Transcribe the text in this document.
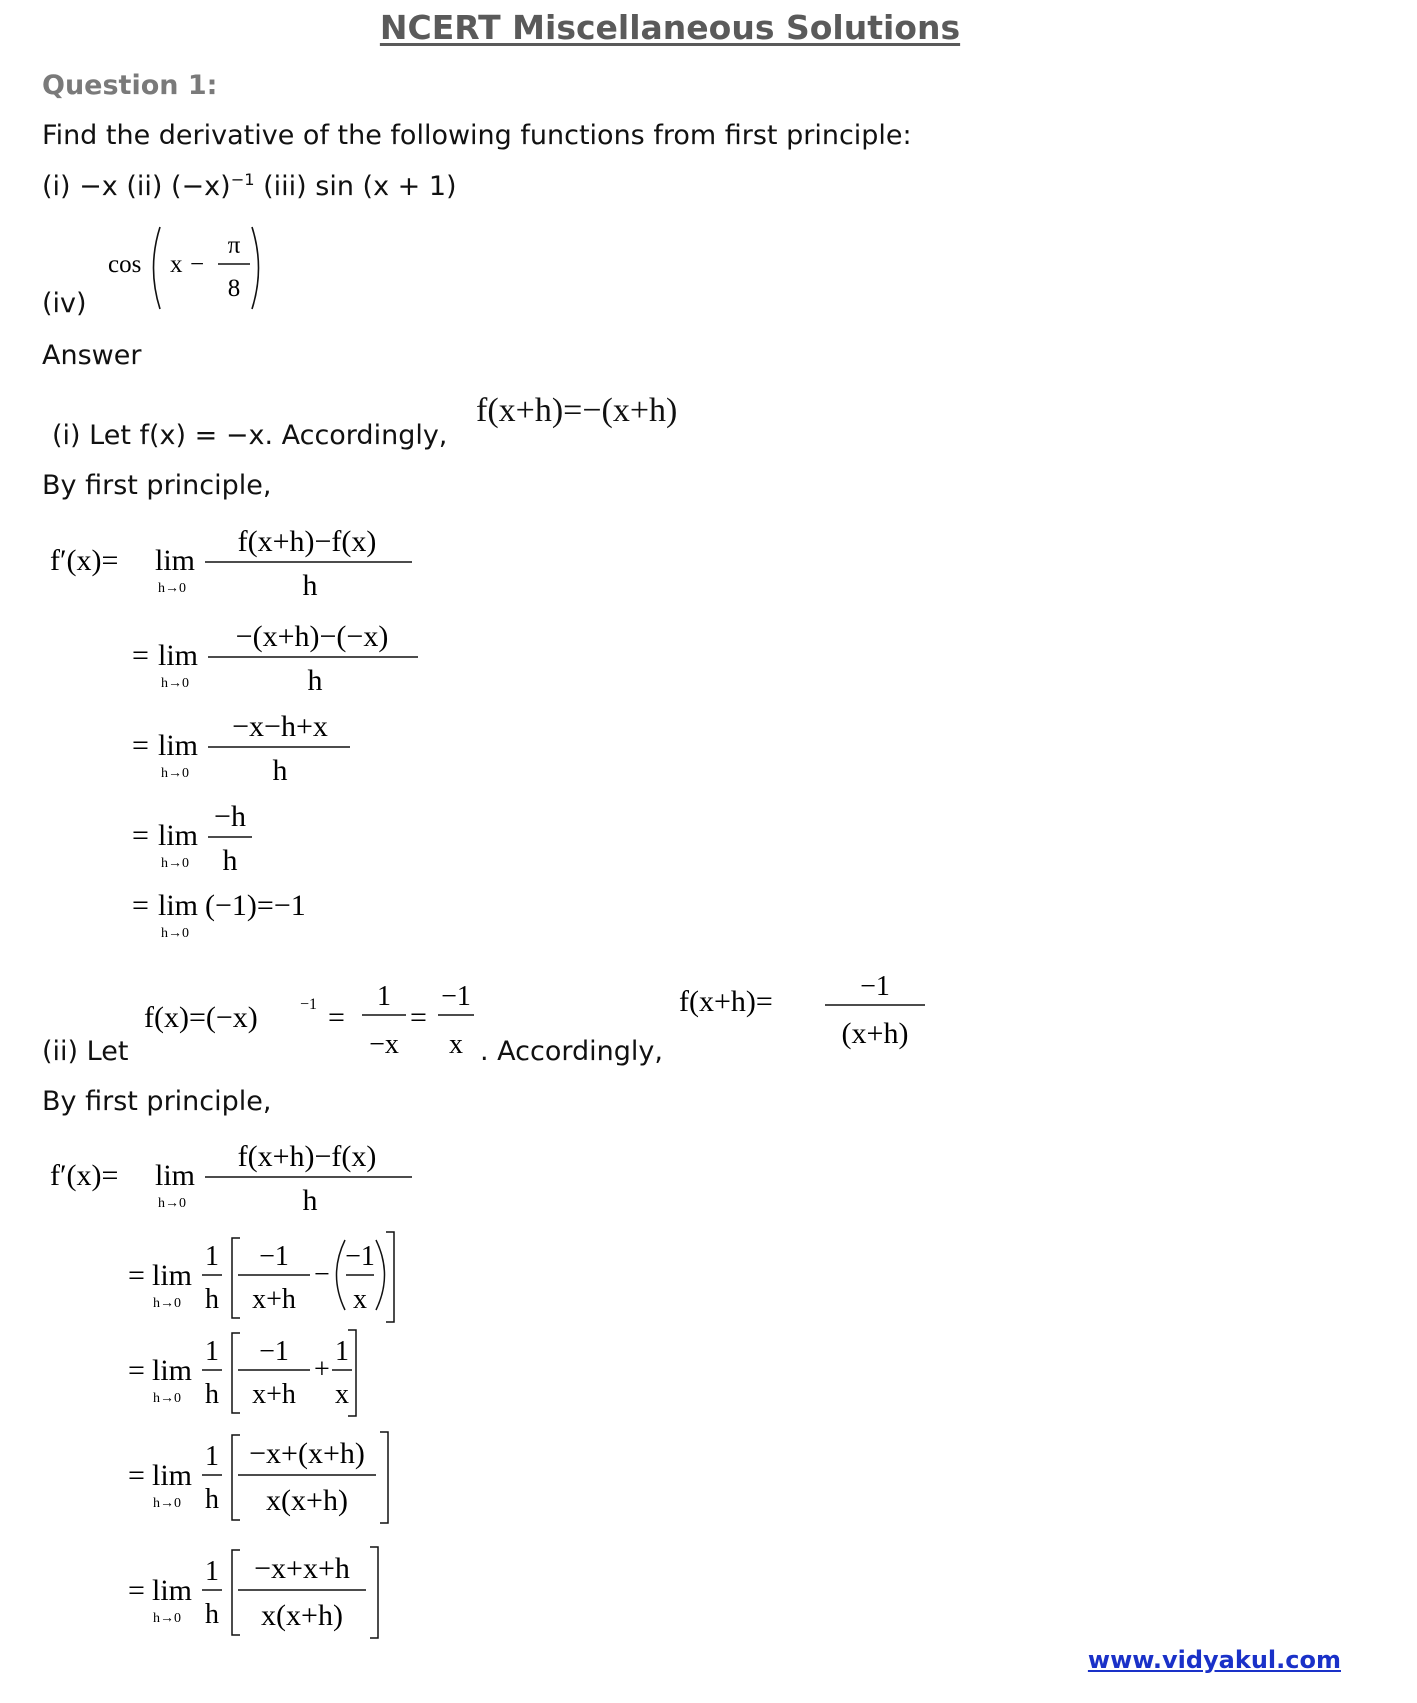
NCERT Miscellaneous Solutions
Question 1:
Find the derivative of the following functions from first principle:
(i) −x (ii) $(-x)^{-1}$ (iii) sin (x + 1)
cos x −
π
8
(iv)
Answer
(i) Let f(x) = −x. Accordingly,
f(x+h)=−(x+h)
By first principle,
f′(x)= lim
h→0
f(x+h)−f(x)
h
= lim
h→0
−(x+h)−(−x)
h
= lim
h→0
−x−h+x
h
= lim
h→0
−h
h
= lim
h→0
(−1)=−1
(ii) Let
f(x)=(−x)	−1 =
1
−x
=
−1
x . Accordingly,
f(x+h)=	−1
(x+h)
By first principle,
f′(x)= lim
h→0
f(x+h)−f(x)
h
= lim
h→0
1
h
−1
x+h
−
−1
x
= lim
h→0
1
h
−1
x+h
+
1
x
= lim
h→0
1
h
−x+(x+h)
x(x+h)
= lim
h→0
1
h
−x+x+h
x(x+h)
www.vidyakul.com
